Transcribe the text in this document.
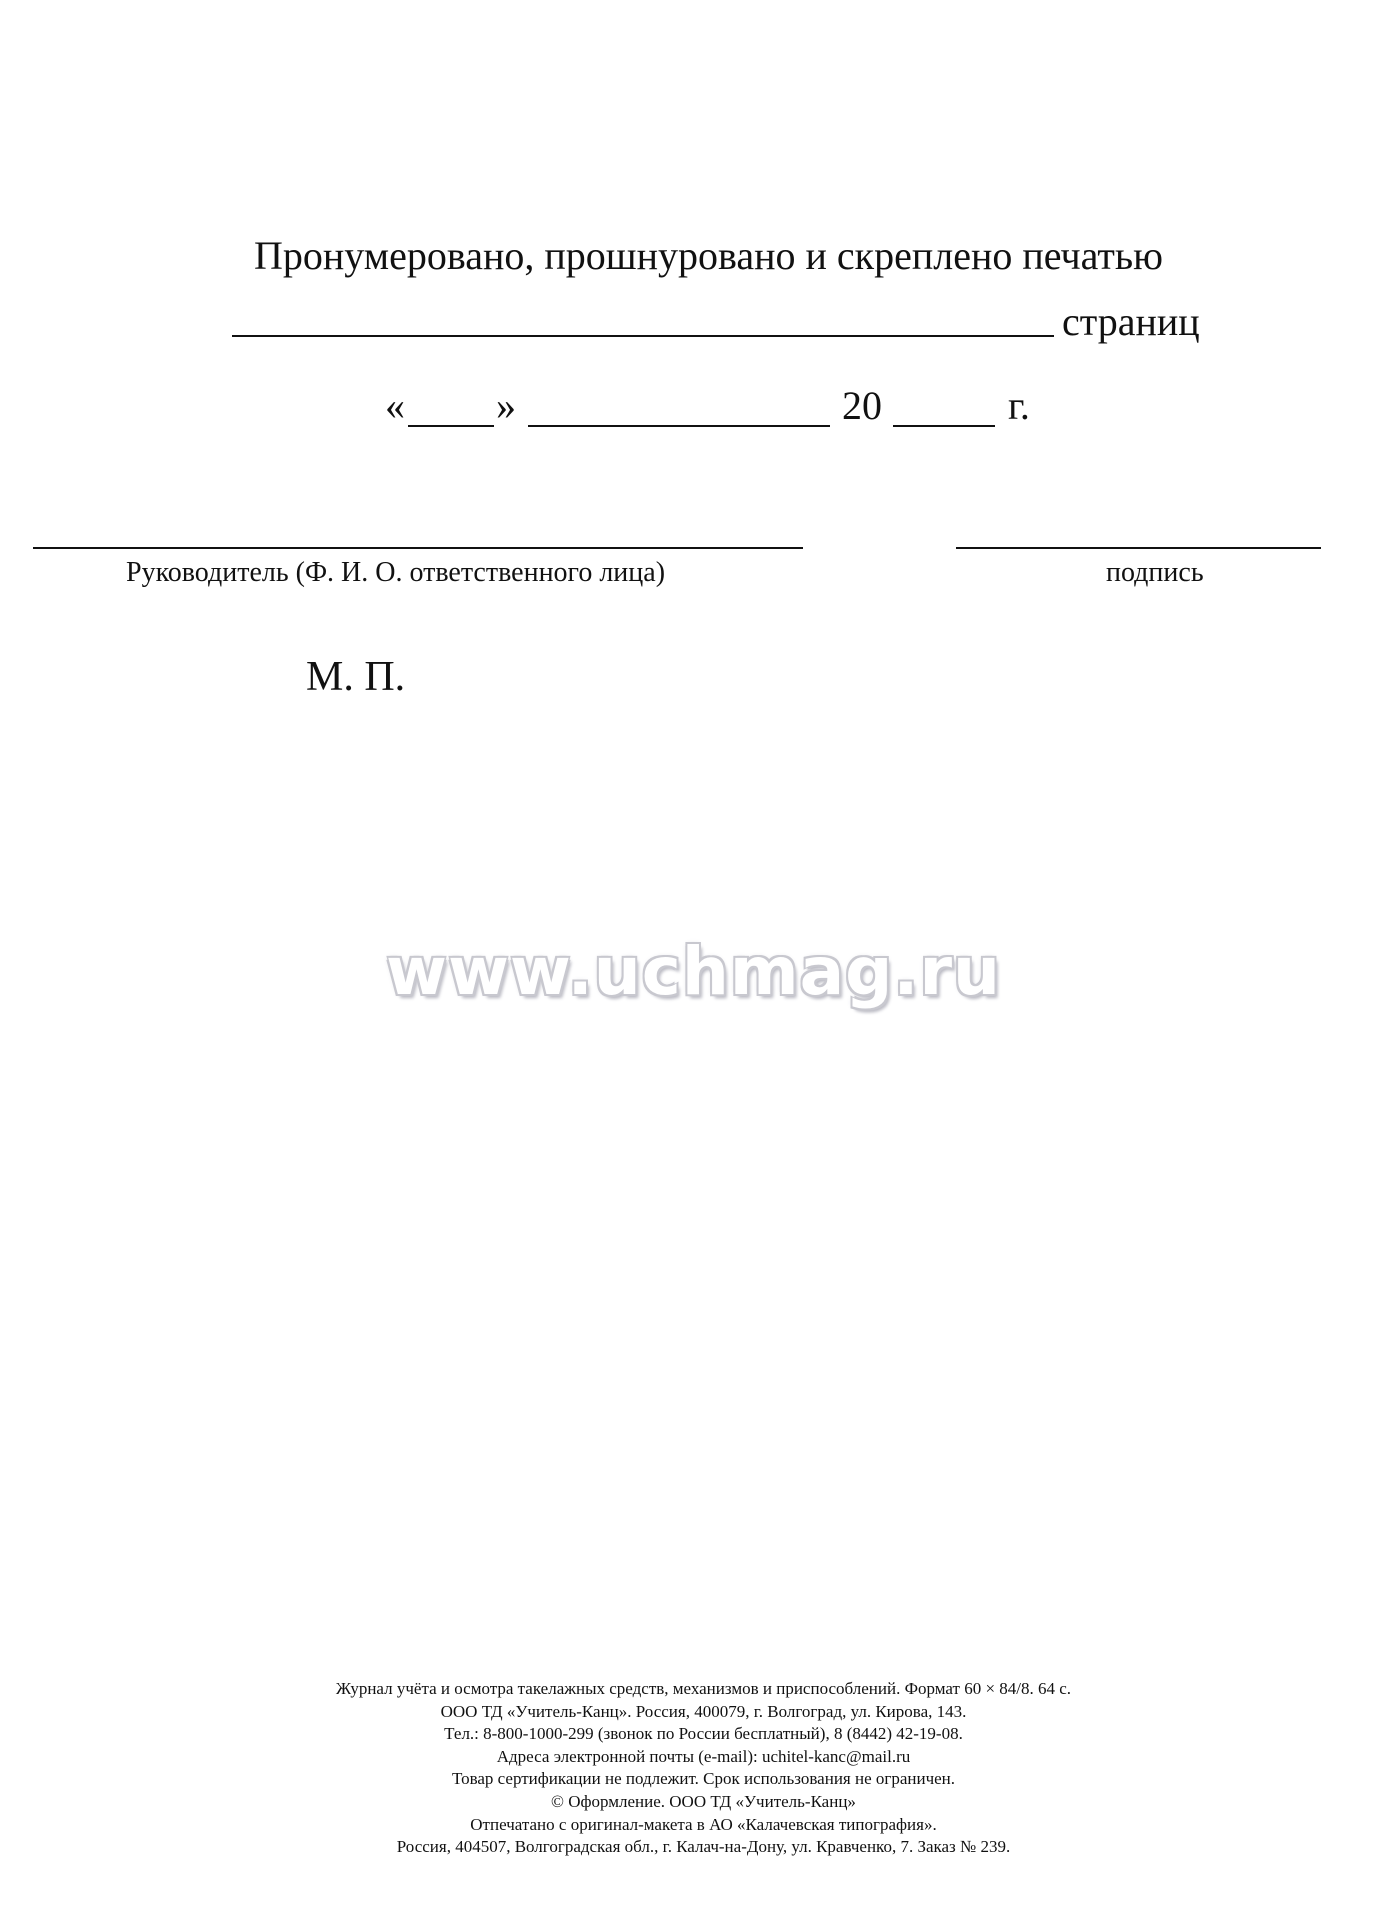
Пронумеровано, прошнуровано и скреплено печатью
страниц
« »	20	г.
Руководитель (Ф. И. О. ответственного лица)	подпись
М. П.
www.uchmag.ru
Журнал учёта и осмотра такелажных средств, механизмов и приспособлений. Формат 60 × 84/8. 64 с.
ООО ТД «Учитель-Канц». Россия, 400079, г. Волгоград, ул. Кирова, 143.
Тел.: 8-800-1000-299 (звонок по России бесплатный), 8 (8442) 42-19-08.
Адреса электронной почты (e-mail): uchitel-kanc@mail.ru
Товар сертификации не подлежит. Срок использования не ограничен.
© Оформление. ООО ТД «Учитель-Канц»
Отпечатано с оригинал-макета в АО «Калачевская типография».
Россия, 404507, Волгоградская обл., г. Калач-на-Дону, ул. Кравченко, 7. Заказ № 239.
